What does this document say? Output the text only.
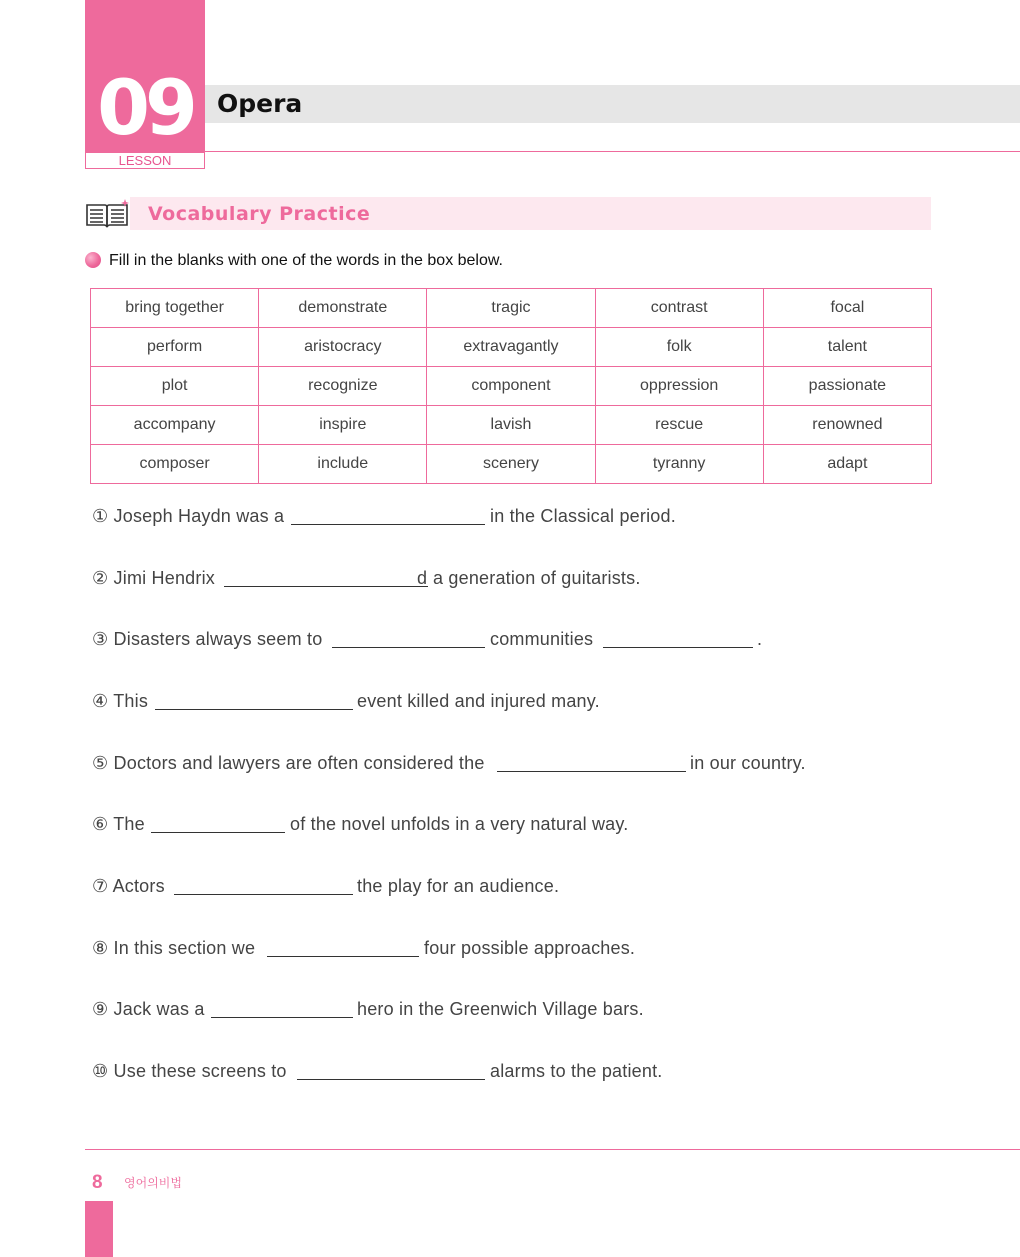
09
LESSON
Opera
Vocabulary Practice
Fill in the blanks with one of the words in the box below.
bring together	demonstrate	tragic	contrast	focal
perform	aristocracy	extravagantly	folk	talent
plot	recognize	component	oppression	passionate
accompany	inspire	lavish	rescue	renowned
composer	include	scenery	tyranny	adapt
① Joseph Haydn was a	in the Classical period.
② Jimi Hendrix	d a generation of guitarists.
③ Disasters always seem to	communities	.
④ This	event killed and injured many.
⑤ Doctors and lawyers are often considered the	in our country.
⑥ The	of the novel unfolds in a very natural way.
⑦ Actors	the play for an audience.
⑧ In this section we	four possible approaches.
⑨ Jack was a	hero in the Greenwich Village bars.
⑩ Use these screens to	alarms to the patient.
8 영어의비법
